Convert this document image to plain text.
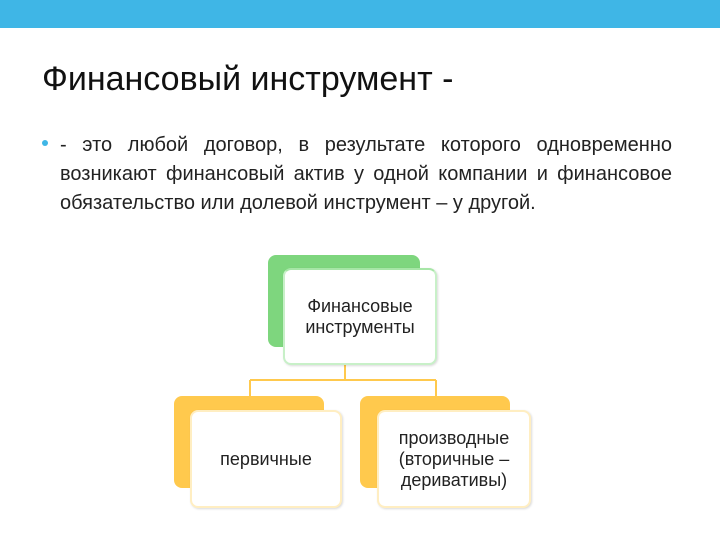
Финансовый инструмент -

- это любой договор, в результате которого одновременно возникают финансовый актив у одной компании и финансовое обязательство или долевой инструмент – у другой.

Финансовые инструменты
первичные
производные (вторичные – деривативы)
